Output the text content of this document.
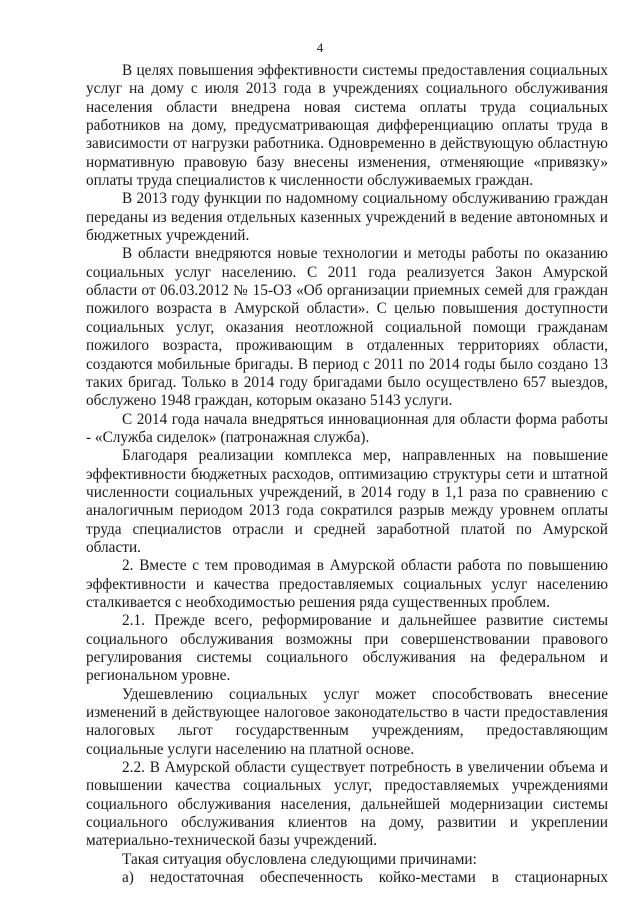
4

В целях повышения эффективности системы предоставления социальных услуг на дому с июля 2013 года в учреждениях социального обслуживания населения области внедрена новая система оплаты труда социальных работников на дому, предусматривающая дифференциацию оплаты труда в зависимости от нагрузки работника. Одновременно в действующую областную нормативную правовую базу внесены изменения, отменяющие «привязку» оплаты труда специалистов к численности обслуживаемых граждан.

В 2013 году функции по надомному социальному обслуживанию граждан переданы из ведения отдельных казенных учреждений в ведение автономных и бюджетных учреждений.

В области внедряются новые технологии и методы работы по оказанию социальных услуг населению. С 2011 года реализуется Закон Амурской области от 06.03.2012 № 15-ОЗ «Об организации приемных семей для граждан пожилого возраста в Амурской области». С целью повышения доступности социальных услуг, оказания неотложной социальной помощи гражданам пожилого возраста, проживающим в отдаленных территориях области, создаются мобильные бригады. В период с 2011 по 2014 годы было создано 13 таких бригад. Только в 2014 году бригадами было осуществлено 657 выездов, обслужено 1948 граждан, которым оказано 5143 услуги.

С 2014 года начала внедряться инновационная для области форма работы - «Служба сиделок» (патронажная служба).

Благодаря реализации комплекса мер, направленных на повышение эффективности бюджетных расходов, оптимизацию структуры сети и штатной численности социальных учреждений, в 2014 году в 1,1 раза по сравнению с аналогичным периодом 2013 года сократился разрыв между уровнем оплаты труда специалистов отрасли и средней заработной платой по Амурской области.

2. Вместе с тем проводимая в Амурской области работа по повышению эффективности и качества предоставляемых социальных услуг населению сталкивается с необходимостью решения ряда существенных проблем.

2.1. Прежде всего, реформирование и дальнейшее развитие системы социального обслуживания возможны при совершенствовании правового регулирования системы социального обслуживания на федеральном и региональном уровне.

Удешевлению социальных услуг может способствовать внесение изменений в действующее налоговое законодательство в части предоставления налоговых льгот государственным учреждениям, предоставляющим социальные услуги населению на платной основе.

2.2. В Амурской области существует потребность в увеличении объема и повышении качества социальных услуг, предоставляемых учреждениями социального обслуживания населения, дальнейшей модернизации системы социального обслуживания клиентов на дому, развитии и укреплении материально-технической базы учреждений.

Такая ситуация обусловлена следующими причинами:

а) недостаточная обеспеченность койко-местами в стационарных
